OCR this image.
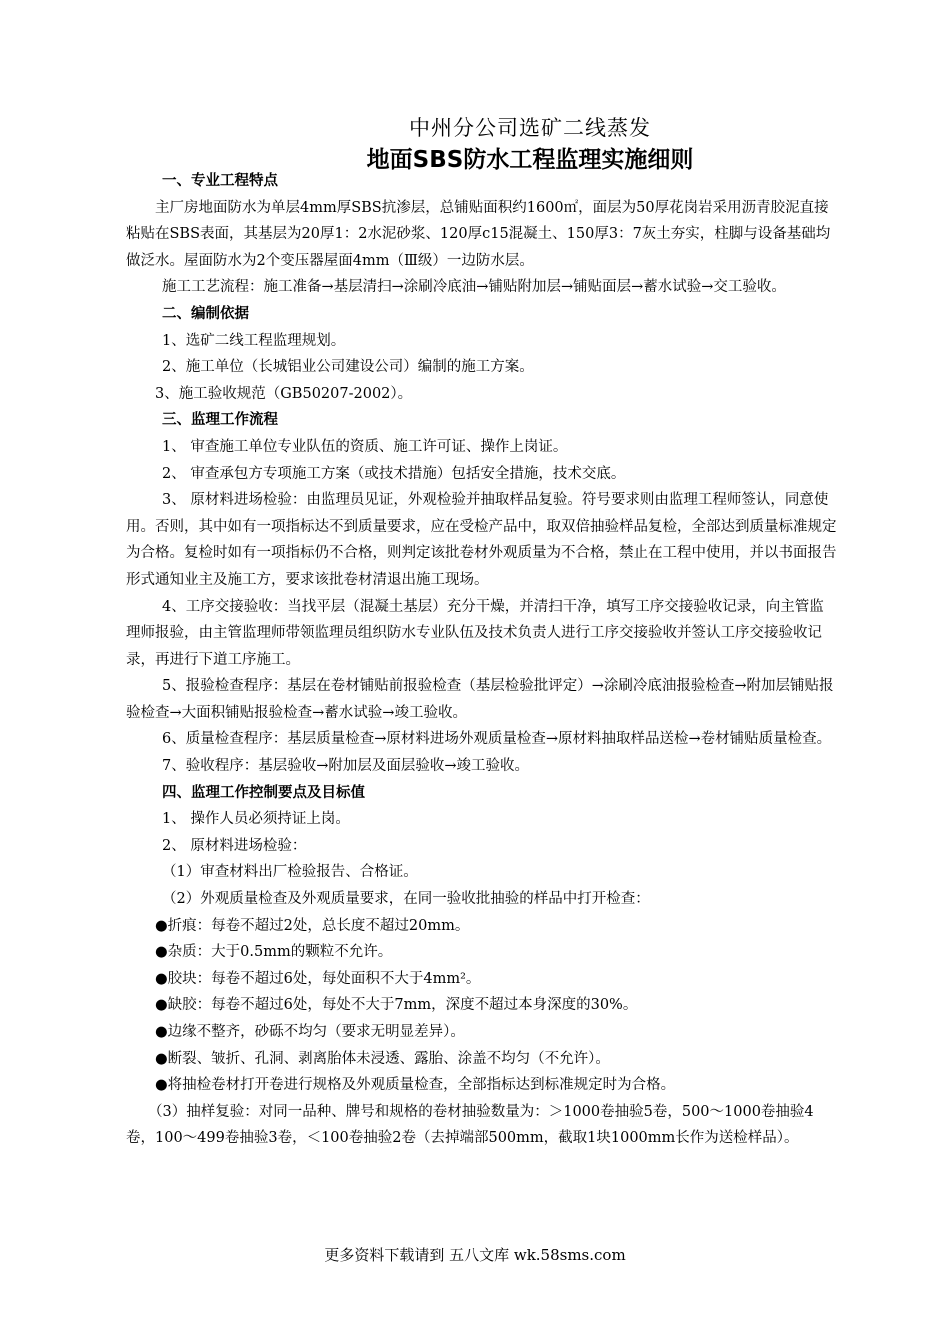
中州分公司选矿二线蒸发
地面SBS防水工程监理实施细则

一、专业工程特点

主厂房地面防水为单层4mm厚SBS抗渗层，总铺贴面积约1600㎡，面层为50厚花岗岩采用沥青胶泥直接粘贴在SBS表面，其基层为20厚1：2水泥砂浆、120厚c15混凝土、150厚3：7灰土夯实，柱脚与设备基础均做泛水。屋面防水为2个变压器屋面4mm（Ⅲ级）一边防水层。

施工工艺流程：施工准备→基层清扫→涂刷冷底油→铺贴附加层→铺贴面层→蓄水试验→交工验收。

二、编制依据

1、选矿二线工程监理规划。

2、施工单位（长城铝业公司建设公司）编制的施工方案。

3、施工验收规范（GB50207-2002）。

三、监理工作流程

1、 审查施工单位专业队伍的资质、施工许可证、操作上岗证。

2、 审查承包方专项施工方案（或技术措施）包括安全措施，技术交底。

3、 原材料进场检验：由监理员见证，外观检验并抽取样品复验。符号要求则由监理工程师签认，同意使用。否则，其中如有一项指标达不到质量要求，应在受检产品中，取双倍抽验样品复检，全部达到质量标准规定为合格。复检时如有一项指标仍不合格，则判定该批卷材外观质量为不合格，禁止在工程中使用，并以书面报告形式通知业主及施工方，要求该批卷材清退出施工现场。

4、工序交接验收：当找平层（混凝土基层）充分干燥，并清扫干净，填写工序交接验收记录，向主管监理师报验，由主管监理师带领监理员组织防水专业队伍及技术负责人进行工序交接验收并签认工序交接验收记录，再进行下道工序施工。

5、报验检查程序：基层在卷材铺贴前报验检查（基层检验批评定）→涂刷冷底油报验检查→附加层铺贴报验检查→大面积铺贴报验检查→蓄水试验→竣工验收。

6、质量检查程序：基层质量检查→原材料进场外观质量检查→原材料抽取样品送检→卷材铺贴质量检查。

7、验收程序：基层验收→附加层及面层验收→竣工验收。

四、监理工作控制要点及目标值

1、 操作人员必须持证上岗。

2、 原材料进场检验：

（1）审查材料出厂检验报告、合格证。

（2）外观质量检查及外观质量要求，在同一验收批抽验的样品中打开检查：

●折痕：每卷不超过2处，总长度不超过20mm。

●杂质：大于0.5mm的颗粒不允许。

●胶块：每卷不超过6处，每处面积不大于4mm²。

●缺胶：每卷不超过6处，每处不大于7mm，深度不超过本身深度的30%。

●边缘不整齐，砂砾不均匀（要求无明显差异）。

●断裂、皱折、孔洞、剥离胎体未浸透、露胎、涂盖不均匀（不允许）。

●将抽检卷材打开卷进行规格及外观质量检查，全部指标达到标准规定时为合格。

（3）抽样复验：对同一品种、牌号和规格的卷材抽验数量为：＞1000卷抽验5卷，500～1000卷抽验4卷，100～499卷抽验3卷，＜100卷抽验2卷（去掉端部500mm，截取1块1000mm长作为送检样品）。

更多资料下载请到 五八文库 wk.58sms.com
